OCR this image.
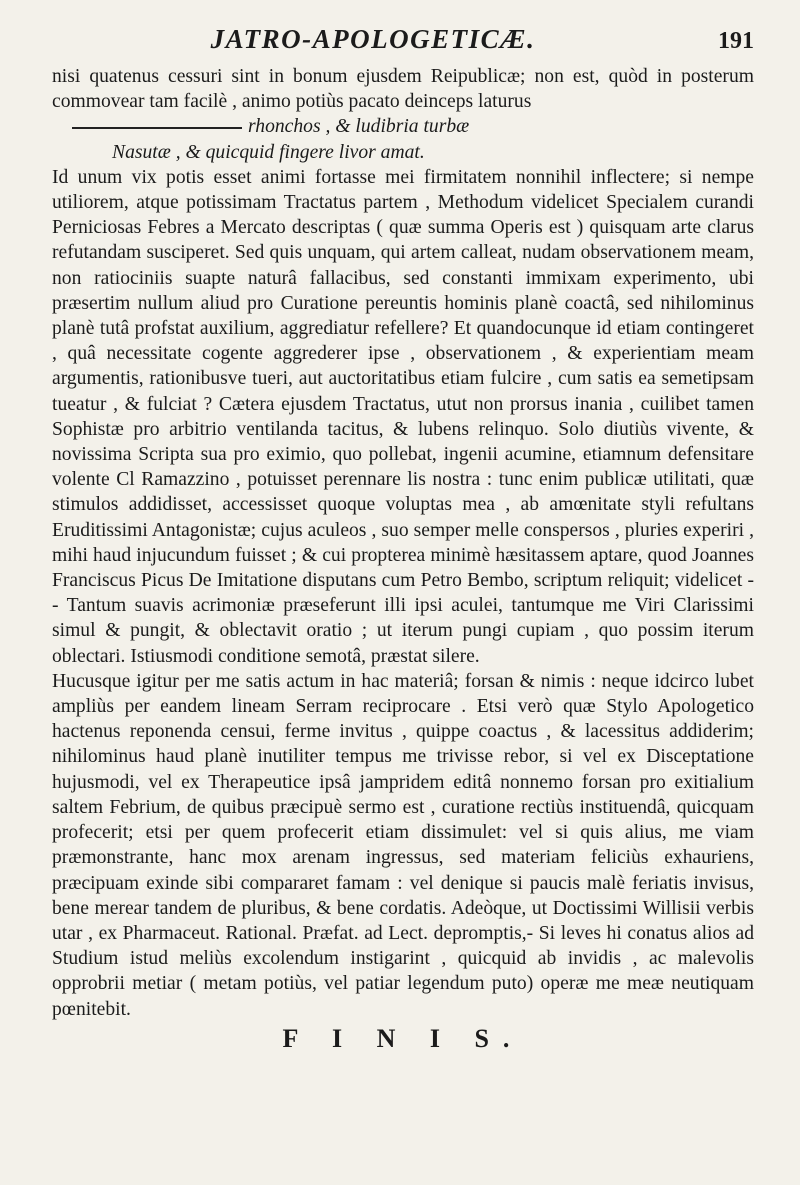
JATRO-APOLOGETICÆ.	191

nisi quatenus cessuri sint in bonum ejusdem Reipublicæ; non est, quòd in posterum commovear tam facilè , animo potiùs pacato deinceps laturus

rhonchos , & ludibria turbæ

Nasutæ , & quicquid fingere livor amat.

Id unum vix potis esset animi fortasse mei firmitatem nonnihil inflectere; si nempe utiliorem, atque potissimam Tractatus partem , Methodum videlicet Specialem curandi Perniciosas Febres a Mercato descriptas ( quæ summa Operis est ) quisquam arte clarus refutandam susciperet. Sed quis unquam, qui artem calleat, nudam observationem meam, non ratiociniis suapte naturâ fallacibus, sed constanti immixam experimento, ubi præsertim nullum aliud pro Curatione pereuntis hominis planè coactâ, sed nihilominus planè tutâ profstat auxilium, aggrediatur refellere? Et quandocunque id etiam contingeret , quâ necessitate cogente aggrederer ipse , observationem , & experientiam meam argumentis, rationibusve tueri, aut auctoritatibus etiam fulcire , cum satis ea semetipsam tueatur , & fulciat ? Cætera ejusdem Tractatus, utut non prorsus inania , cuilibet tamen Sophistæ pro arbitrio ventilanda tacitus, & lubens relinquo. Solo diutiùs vivente, & novissima Scripta sua pro eximio, quo pollebat, ingenii acumine, etiamnum defensitare volente Cl Ramazzino , potuisset perennare lis nostra : tunc enim publicæ utilitati, quæ stimulos addidisset, accessisset quoque voluptas mea , ab amœnitate styli refultans Eruditissimi Antagonistæ; cujus aculeos , suo semper melle conspersos , pluries experiri , mihi haud injucundum fuisset ; & cui propterea minimè hæsitassem aptare, quod Joannes Franciscus Picus De Imitatione disputans cum Petro Bembo, scriptum reliquit; videlicet -- Tantum suavis acrimoniæ præseferunt illi ipsi aculei, tantumque me Viri Clarissimi simul & pungit, & oblectavit oratio ; ut iterum pungi cupiam , quo possim iterum oblectari. Istiusmodi conditione semotâ, præstat silere.

Hucusque igitur per me satis actum in hac materiâ; forsan & nimis : neque idcirco lubet ampliùs per eandem lineam Serram reciprocare . Etsi verò quæ Stylo Apologetico hactenus reponenda censui, ferme invitus , quippe coactus , & lacessitus addiderim; nihilominus haud planè inutiliter tempus me trivisse rebor, si vel ex Disceptatione hujusmodi, vel ex Therapeutice ipsâ jampridem editâ nonnemo forsan pro exitialium saltem Febrium, de quibus præcipuè sermo est , curatione rectiùs instituendâ, quicquam profecerit; etsi per quem profecerit etiam dissimulet: vel si quis alius, me viam præmonstrante, hanc mox arenam ingressus, sed materiam feliciùs exhauriens, præcipuam exinde sibi compararet famam : vel denique si paucis malè feriatis invisus, bene merear tandem de pluribus, & bene cordatis. Adeòque, ut Doctissimi Willisii verbis utar , ex Pharmaceut. Rational. Præfat. ad Lect. depromptis,- Si leves hi conatus alios ad Studium istud meliùs excolendum instigarint , quicquid ab invidis , ac malevolis opprobrii metiar ( metam potiùs, vel patiar legendum puto) operæ me meæ neutiquam pœnitebit.

F I N I S.
